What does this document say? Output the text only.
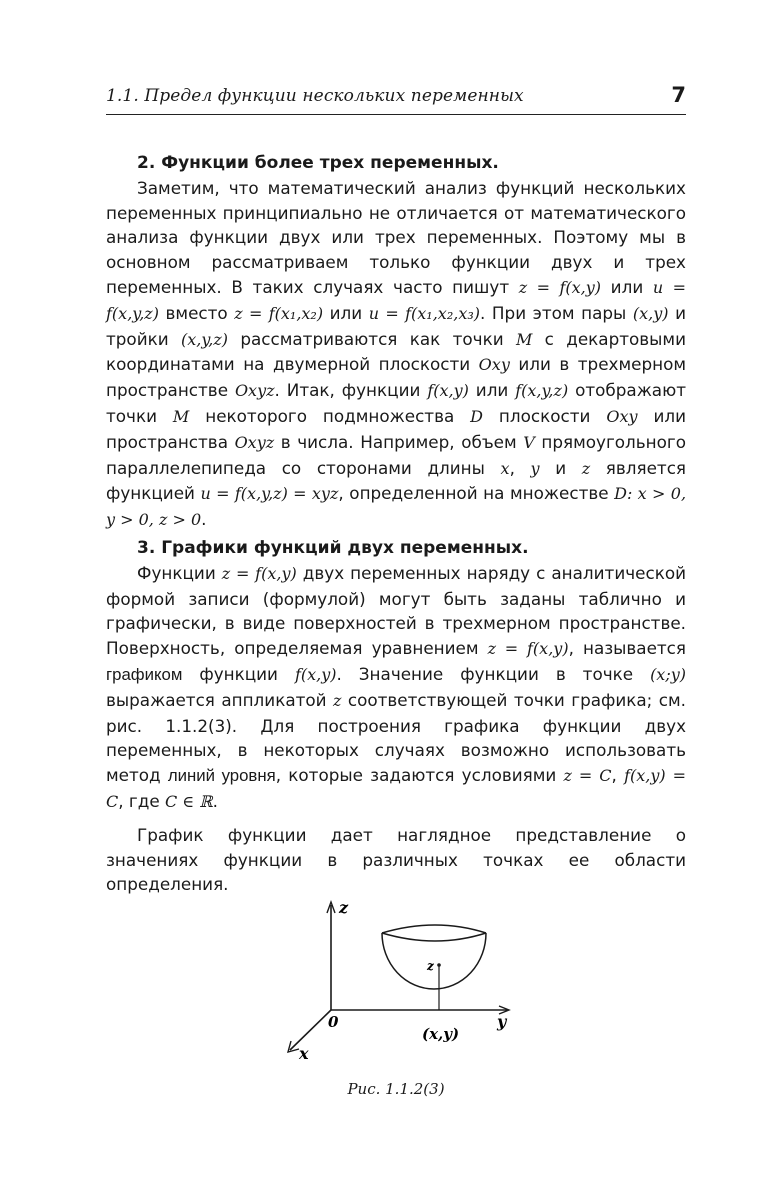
1.1. Предел функции нескольких переменных	7

2. Функции более трех переменных.

Заметим, что математический анализ функций нескольких переменных принципиально не отличается от математического анализа функции двух или трех переменных. Поэтому мы в основном рассматриваем только функции двух и трех переменных. В таких случаях часто пишут z = f(x,y) или u = f(x,y,z) вместо z = f(x₁,x₂) или u = f(x₁,x₂,x₃). При этом пары (x,y) и тройки (x,y,z) рассматриваются как точки M с декартовыми координатами на двумерной плоскости Oxy или в трехмерном пространстве Oxyz. Итак, функции f(x,y) или f(x,y,z) отображают точки M некоторого подмножества D плоскости Oxy или пространства Oxyz в числа. Например, объем V прямоугольного параллелепипеда со сторонами длины x, y и z является функцией u = f(x,y,z) = xyz, определенной на множестве D: x > 0, y > 0, z > 0.

3. Графики функций двух переменных.

Функции z = f(x,y) двух переменных наряду с аналитической формой записи (формулой) могут быть заданы таблично и графически, в виде поверхностей в трехмерном пространстве. Поверхность, определяемая уравнением z = f(x,y), называется графиком функции f(x,y). Значение функции в точке (x;y) выражается аппликатой z соответствующей точки графика; см. рис. 1.1.2(3). Для построения графика функции двух переменных, в некоторых случаях возможно использовать метод линий уровня, которые задаются условиями z = C, f(x,y) = C, где C ∈ ℝ.

График функции дает наглядное представление о значениях функции в различных точках ее области определения.

z
y
x
0
z
(x,y)
Рис. 1.1.2(3)
